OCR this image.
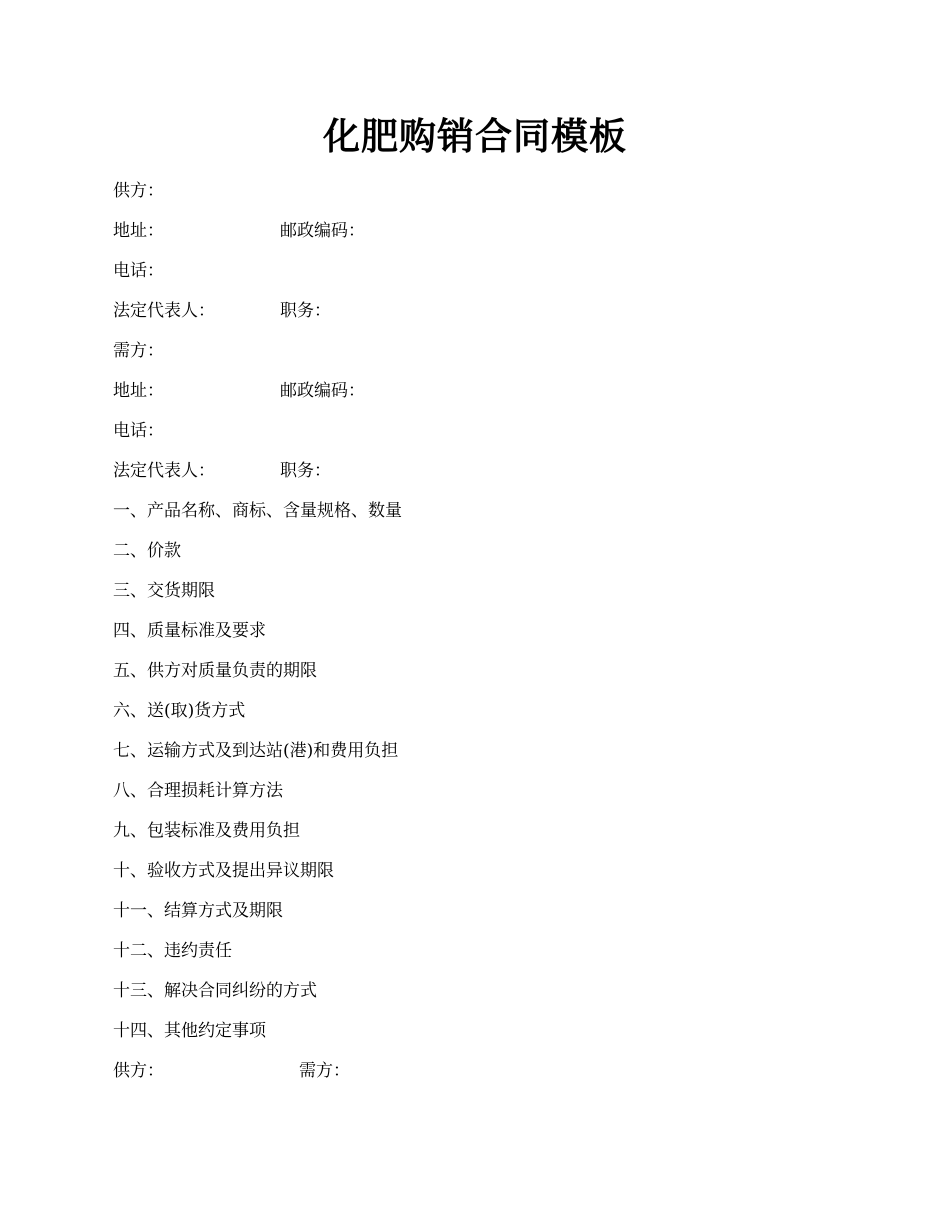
化肥购销合同模板
供方：
地址：	邮政编码：
电话：
法定代表人：	职务：
需方：
地址：	邮政编码：
电话：
法定代表人：	职务：
一、产品名称、商标、含量规格、数量
二、价款
三、交货期限
四、质量标准及要求
五、供方对质量负责的期限
六、送(取)货方式
七、运输方式及到达站(港)和费用负担
八、合理损耗计算方法
九、包装标准及费用负担
十、验收方式及提出异议期限
十一、结算方式及期限
十二、违约责任
十三、解决合同纠纷的方式
十四、其他约定事项
供方：	需方：
